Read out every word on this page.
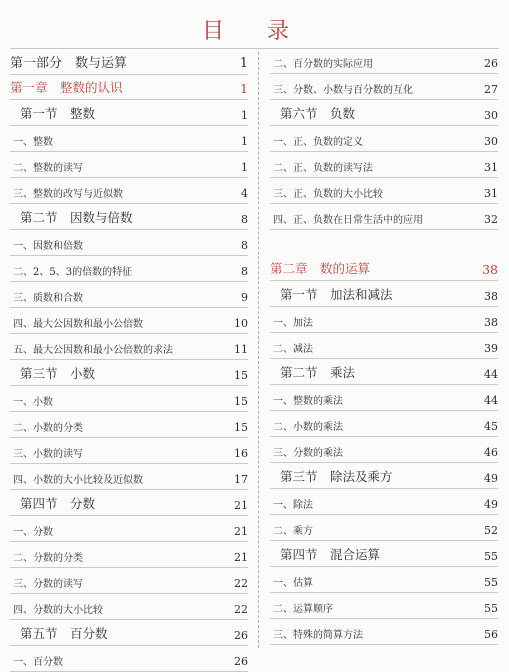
目 录
第一部分　数与运算	1
第一章　整数的认识	1
第一节　整数	1
一、整数	1
二、整数的读写	1
三、整数的改写与近似数	4
第二节　因数与倍数	8
一、因数和倍数	8
二、2、5、3的倍数的特征	8
三、质数和合数	9
四、最大公因数和最小公倍数	10
五、最大公因数和最小公倍数的求法	11
第三节　小数	15
一、小数	15
二、小数的分类	15
三、小数的读写	16
四、小数的大小比较及近似数	17
第四节　分数	21
一、分数	21
二、分数的分类	21
三、分数的读写	22
四、分数的大小比较	22
第五节　百分数	26
一、百分数	26
二、百分数的实际应用	26
三、分数、小数与百分数的互化	27
第六节　负数	30
一、正、负数的定义	30
二、正、负数的读写法	31
三、正、负数的大小比较	31
四、正、负数在日常生活中的应用	32
第二章　数的运算	38
第一节　加法和减法	38
一、加法	38
二、减法	39
第二节　乘法	44
一、整数的乘法	44
二、小数的乘法	45
三、分数的乘法	46
第三节　除法及乘方	49
一、除法	49
二、乘方	52
第四节　混合运算	55
一、估算	55
二、运算顺序	55
三、特殊的简算方法	56
